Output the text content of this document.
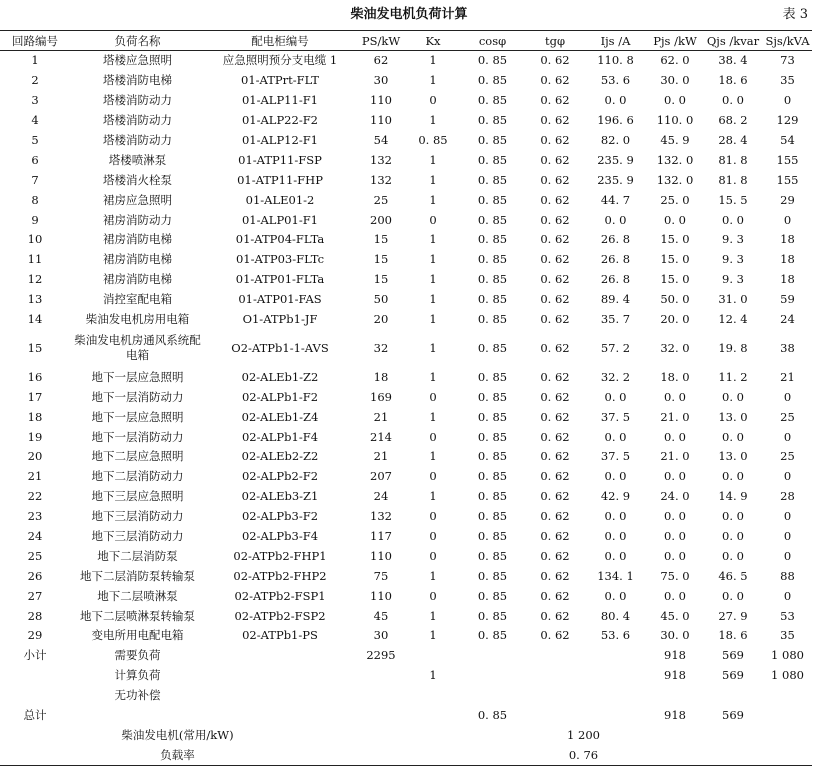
柴油发电机负荷计算	表 3
回路编号	负荷名称	配电柜编号	PS/kW	Kx	cosφ	tgφ	Ijs /A	Pjs /kW	Qjs /kvar	Sjs/kVA
1	塔楼应急照明	应急照明预分支电缆 1	62	1	0. 85	0. 62	110. 8	62. 0	38. 4	73
2	塔楼消防电梯	01-ATPrt-FLT	30	1	0. 85	0. 62	53. 6	30. 0	18. 6	35
3	塔楼消防动力	01-ALP11-F1	110	0	0. 85	0. 62	0. 0	0. 0	0. 0	0
4	塔楼消防动力	01-ALP22-F2	110	1	0. 85	0. 62	196. 6	110. 0	68. 2	129
5	塔楼消防动力	01-ALP12-F1	54	0. 85	0. 85	0. 62	82. 0	45. 9	28. 4	54
6	塔楼喷淋泵	01-ATP11-FSP	132	1	0. 85	0. 62	235. 9	132. 0	81. 8	155
7	塔楼消火栓泵	01-ATP11-FHP	132	1	0. 85	0. 62	235. 9	132. 0	81. 8	155
8	裙房应急照明	01-ALE01-2	25	1	0. 85	0. 62	44. 7	25. 0	15. 5	29
9	裙房消防动力	01-ALP01-F1	200	0	0. 85	0. 62	0. 0	0. 0	0. 0	0
10	裙房消防电梯	01-ATP04-FLTa	15	1	0. 85	0. 62	26. 8	15. 0	9. 3	18
11	裙房消防电梯	01-ATP03-FLTc	15	1	0. 85	0. 62	26. 8	15. 0	9. 3	18
12	裙房消防电梯	01-ATP01-FLTa	15	1	0. 85	0. 62	26. 8	15. 0	9. 3	18
13	消控室配电箱	01-ATP01-FAS	50	1	0. 85	0. 62	89. 4	50. 0	31. 0	59
14	柴油发电机房用电箱	O1-ATPb1-JF	20	1	0. 85	0. 62	35. 7	20. 0	12. 4	24
15	柴油发电机房通风系统配电箱	O2-ATPb1-1-AVS	32	1	0. 85	0. 62	57. 2	32. 0	19. 8	38
16	地下一层应急照明	02-ALEb1-Z2	18	1	0. 85	0. 62	32. 2	18. 0	11. 2	21
17	地下一层消防动力	02-ALPb1-F2	169	0	0. 85	0. 62	0. 0	0. 0	0. 0	0
18	地下一层应急照明	02-ALEb1-Z4	21	1	0. 85	0. 62	37. 5	21. 0	13. 0	25
19	地下一层消防动力	02-ALPb1-F4	214	0	0. 85	0. 62	0. 0	0. 0	0. 0	0
20	地下二层应急照明	02-ALEb2-Z2	21	1	0. 85	0. 62	37. 5	21. 0	13. 0	25
21	地下二层消防动力	02-ALPb2-F2	207	0	0. 85	0. 62	0. 0	0. 0	0. 0	0
22	地下三层应急照明	02-ALEb3-Z1	24	1	0. 85	0. 62	42. 9	24. 0	14. 9	28
23	地下三层消防动力	02-ALPb3-F2	132	0	0. 85	0. 62	0. 0	0. 0	0. 0	0
24	地下三层消防动力	02-ALPb3-F4	117	0	0. 85	0. 62	0. 0	0. 0	0. 0	0
25	地下二层消防泵	02-ATPb2-FHP1	110	0	0. 85	0. 62	0. 0	0. 0	0. 0	0
26	地下二层消防泵转输泵	02-ATPb2-FHP2	75	1	0. 85	0. 62	134. 1	75. 0	46. 5	88
27	地下二层喷淋泵	02-ATPb2-FSP1	110	0	0. 85	0. 62	0. 0	0. 0	0. 0	0
28	地下二层喷淋泵转输泵	02-ATPb2-FSP2	45	1	0. 85	0. 62	80. 4	45. 0	27. 9	53
29	变电所用电配电箱	02-ATPb1-PS	30	1	0. 85	0. 62	53. 6	30. 0	18. 6	35
小计	需要负荷		2295					918	569	1 080
	计算负荷			1				918	569	1 080
	无功补偿									
总计					0. 85			918	569	
柴油发电机(常用/kW)			1 200							
负载率			0. 76							
